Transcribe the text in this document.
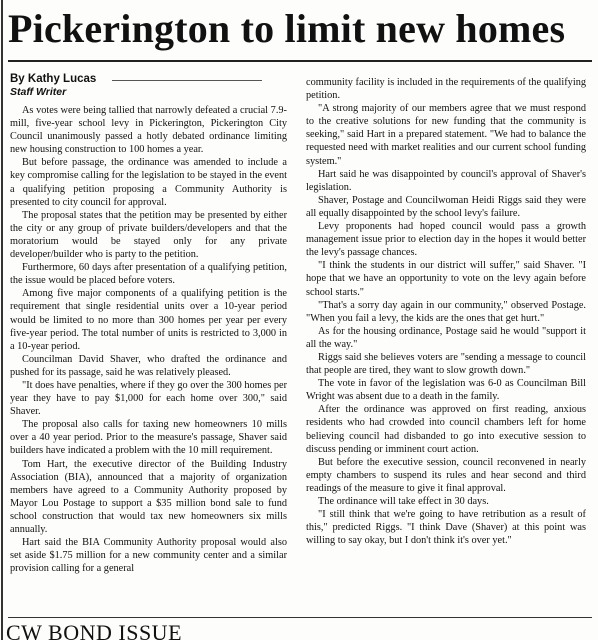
Pickerington to limit new homes
By Kathy Lucas
Staff Writer

As votes were being tallied that narrowly defeated a crucial 7.9-mill, five-year school levy in Pickerington, Pickerington City Council unanimously passed a hotly debated ordinance limiting new housing construction to 100 homes a year.

But before passage, the ordinance was amended to include a key compromise calling for the legislation to be stayed in the event a qualifying petition proposing a Community Authority is presented to city council for approval.

The proposal states that the petition may be presented by either the city or any group of private builders/developers and that the moratorium would be stayed only for any private developer/builder who is party to the petition.

Furthermore, 60 days after presentation of a qualifying petition, the issue would be placed before voters.

Among five major components of a qualifying petition is the requirement that single residential units over a 10-year period would be limited to no more than 300 homes per year per every five-year period. The total number of units is restricted to 3,000 in a 10-year period.

Councilman David Shaver, who drafted the ordinance and pushed for its passage, said he was relatively pleased.

"It does have penalties, where if they go over the 300 homes per year they have to pay $1,000 for each home over 300," said Shaver.

The proposal also calls for taxing new homeowners 10 mills over a 40 year period. Prior to the measure's passage, Shaver said builders have indicated a problem with the 10 mill requirement.

Tom Hart, the executive director of the Building Industry Association (BIA), announced that a majority of organization members have agreed to a Community Authority proposed by Mayor Lou Postage to support a $35 million bond sale to fund school construction that would tax new homeowners six mills annually.

Hart said the BIA Community Authority proposal would also set aside $1.75 million for a new community center and a similar provision calling for a general

community facility is included in the requirements of the qualifying petition.

"A strong majority of our members agree that we must respond to the creative solutions for new funding that the community is seeking," said Hart in a prepared statement. "We had to balance the requested need with market realities and our current school funding system."

Hart said he was disappointed by council's approval of Shaver's legislation.

Shaver, Postage and Councilwoman Heidi Riggs said they were all equally disappointed by the school levy's failure.

Levy proponents had hoped council would pass a growth management issue prior to election day in the hopes it would better the levy's passage chances.

"I think the students in our district will suffer," said Shaver. "I hope that we have an opportunity to vote on the levy again before school starts."

"That's a sorry day again in our community," observed Postage. "When you fail a levy, the kids are the ones that get hurt."

As for the housing ordinance, Postage said he would "support it all the way."

Riggs said she believes voters are "sending a message to council that people are tired, they want to slow growth down."

The vote in favor of the legislation was 6-0 as Councilman Bill Wright was absent due to a death in the family.

After the ordinance was approved on first reading, anxious residents who had crowded into council chambers left for home believing council had disbanded to go into executive session to discuss pending or imminent court action.

But before the executive session, council reconvened in nearly empty chambers to suspend its rules and hear second and third readings of the measure to give it final approval.

The ordinance will take effect in 30 days.

"I still think that we're going to have retribution as a result of this," predicted Riggs. "I think Dave (Shaver) at this point was willing to say okay, but I don't think it's over yet."

CW BOND ISSUE
